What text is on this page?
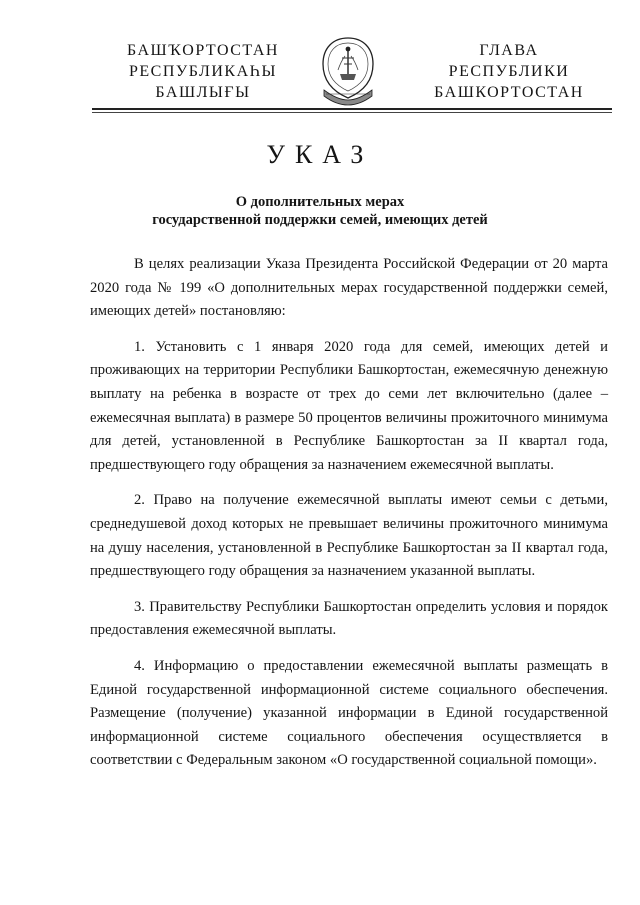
БАШҠОРТОСТАН
РЕСПУБЛИКАҺЫ
БАШЛЫҒЫ
ГЛАВА
РЕСПУБЛИКИ
БАШКОРТОСТАН
УКАЗ
О дополнительных мерах
государственной поддержки семей, имеющих детей

В целях реализации Указа Президента Российской Федерации от 20 марта 2020 года № 199 «О дополнительных мерах государственной поддержки семей, имеющих детей» постановляю:

1. Установить с 1 января 2020 года для семей, имеющих детей и проживающих на территории Республики Башкортостан, ежемесячную денежную выплату на ребенка в возрасте от трех до семи лет включительно (далее – ежемесячная выплата) в размере 50 процентов величины прожиточного минимума для детей, установленной в Республике Башкортостан за II квартал года, предшествующего году обращения за назначением ежемесячной выплаты.

2. Право на получение ежемесячной выплаты имеют семьи с детьми, среднедушевой доход которых не превышает величины прожиточного минимума на душу населения, установленной в Республике Башкортостан за II квартал года, предшествующего году обращения за назначением указанной выплаты.

3. Правительству Республики Башкортостан определить условия и порядок предоставления ежемесячной выплаты.

4. Информацию о предоставлении ежемесячной выплаты размещать в Единой государственной информационной системе социального обеспечения. Размещение (получение) указанной информации в Единой государственной информационной системе социального обеспечения осуществляется в соответствии с Федеральным законом «О государственной социальной помощи».
